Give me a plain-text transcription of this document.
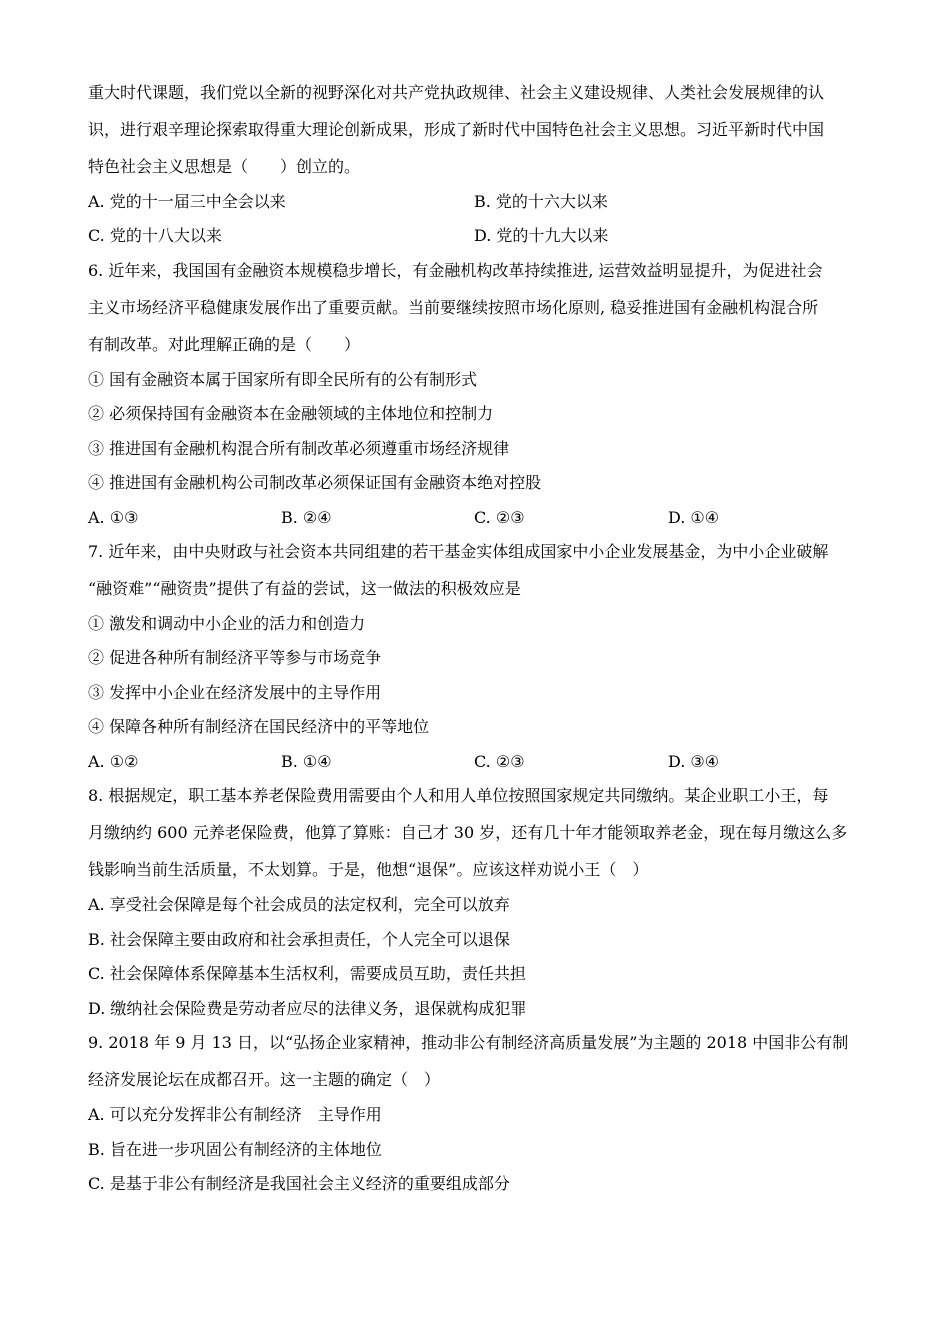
重大时代课题，我们党以全新的视野深化对共产党执政规律、社会主义建设规律、人类社会发展规律的认
识，进行艰辛理论探索取得重大理论创新成果，形成了新时代中国特色社会主义思想。习近平新时代中国
特色社会主义思想是（　　）创立的。
A. 党的十一届三中全会以来	B. 党的十六大以来
C. 党的十八大以来	D. 党的十九大以来
6. 近年来，我国国有金融资本规模稳步增长，有金融机构改革持续推进, 运营效益明显提升，为促进社会
主义市场经济平稳健康发展作出了重要贡献。当前要继续按照市场化原则, 稳妥推进国有金融机构混合所
有制改革。对此理解正确的是（　　）
① 国有金融资本属于国家所有即全民所有的公有制形式
② 必须保持国有金融资本在金融领域的主体地位和控制力
③ 推进国有金融机构混合所有制改革必须遵重市场经济规律
④ 推进国有金融机构公司制改革必须保证国有金融资本绝对控股
A. ①③	B. ②④	C. ②③	D. ①④
7. 近年来，由中央财政与社会资本共同组建的若干基金实体组成国家中小企业发展基金，为中小企业破解
“融资难”“融资贵”提供了有益的尝试，这一做法的积极效应是
① 激发和调动中小企业的活力和创造力
② 促进各种所有制经济平等参与市场竞争
③ 发挥中小企业在经济发展中的主导作用
④ 保障各种所有制经济在国民经济中的平等地位
A. ①②	B. ①④	C. ②③	D. ③④
8. 根据规定，职工基本养老保险费用需要由个人和用人单位按照国家规定共同缴纳。某企业职工小王，每
月缴纳约 600 元养老保险费，他算了算账：自己才 30 岁，还有几十年才能领取养老金，现在每月缴这么多
钱影响当前生活质量，不太划算。于是，他想“退保”。应该这样劝说小王（　）
A. 享受社会保障是每个社会成员的法定权利，完全可以放弃
B. 社会保障主要由政府和社会承担责任，个人完全可以退保
C. 社会保障体系保障基本生活权利，需要成员互助，责任共担
D. 缴纳社会保险费是劳动者应尽的法律义务，退保就构成犯罪
9. 2018 年 9 月 13 日，以“弘扬企业家精神，推动非公有制经济高质量发展”为主题的 2018 中国非公有制
经济发展论坛在成都召开。这一主题的确定（　）
A. 可以充分发挥非公有制经济　主导作用
B. 旨在进一步巩固公有制经济的主体地位
C. 是基于非公有制经济是我国社会主义经济的重要组成部分
